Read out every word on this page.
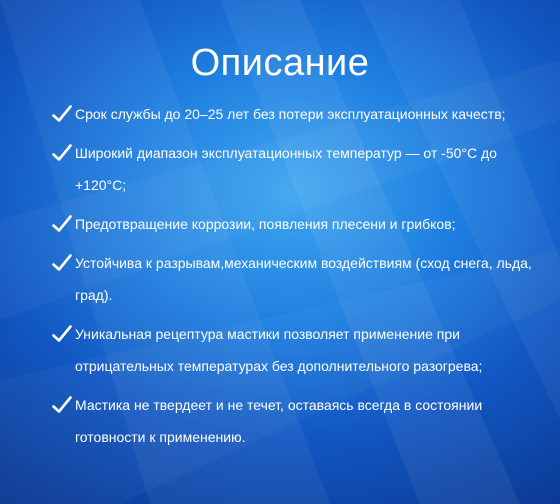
Описание
Срок службы до 20–25 лет без потери эксплуатационных качеств;
Широкий диапазон эксплуатационных температур — от -50°С до +120°С;
Предотвращение коррозии, появления плесени и грибков;
Устойчива к разрывам,механическим воздействиям (сход снега, льда, град).
Уникальная рецептура мастики позволяет применение при отрицательных температурах без дополнительного разогрева;
Мастика не твердеет и не течет, оставаясь всегда в состоянии готовности к применению.
